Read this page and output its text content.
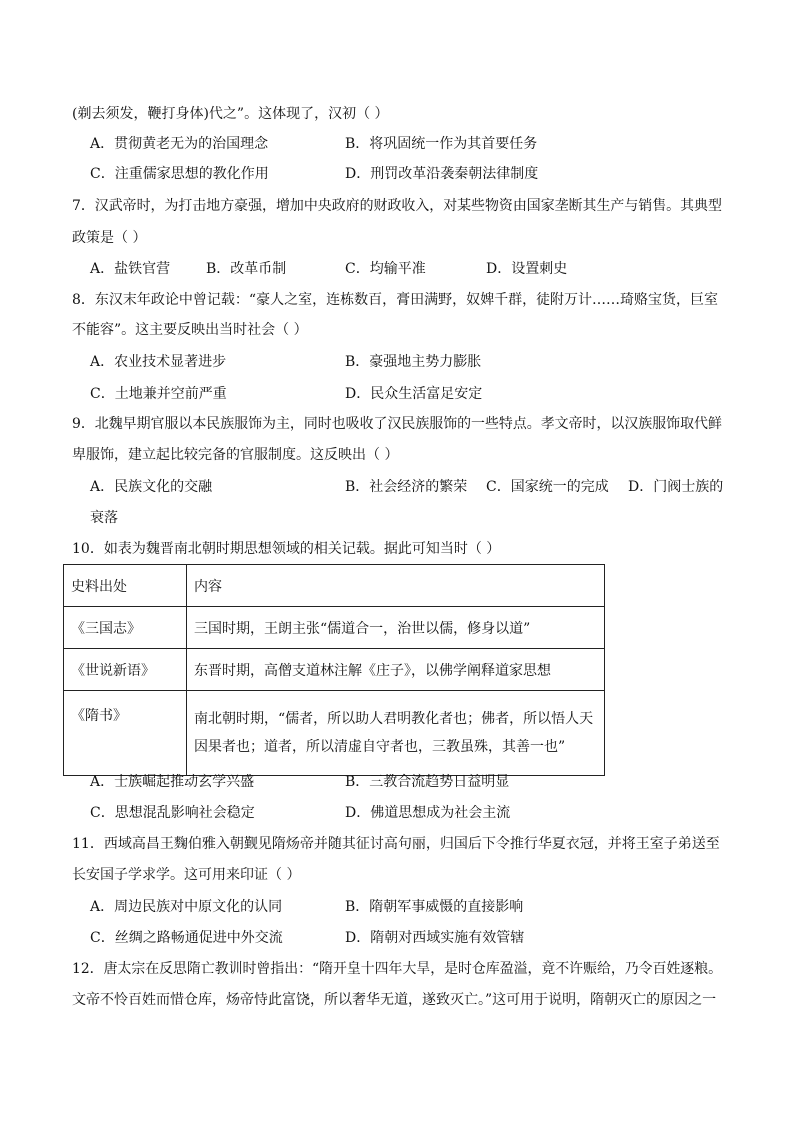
(剃去须发，鞭打身体)代之”。这体现了，汉初（ ）
A．贯彻黄老无为的治国理念	B．将巩固统一作为其首要任务
C．注重儒家思想的教化作用	D．刑罚改革沿袭秦朝法律制度
7．汉武帝时，为打击地方豪强，增加中央政府的财政收入，对某些物资由国家垄断其生产与销售。其典型
政策是（ ）
A．盐铁官营	B．改革币制	C．均输平准	D．设置刺史
8．东汉末年政论中曾记载：“豪人之室，连栋数百，膏田满野，奴婢千群，徒附万计……琦赂宝货，巨室
不能容”。这主要反映出当时社会（ ）
A．农业技术显著进步	B．豪强地主势力膨胀
C．土地兼并空前严重	D．民众生活富足安定
9．北魏早期官服以本民族服饰为主，同时也吸收了汉民族服饰的一些特点。孝文帝时，以汉族服饰取代鲜
卑服饰，建立起比较完备的官服制度。这反映出（ ）
A．民族文化的交融	B．社会经济的繁荣 C．国家统一的完成 D．门阀士族的
衰落
10．如表为魏晋南北朝时期思想领域的相关记载。据此可知当时（ ）
史料出处	内容
《三国志》	三国时期，王朗主张“儒道合一，治世以儒，修身以道”
《世说新语》	东晋时期，高僧支道林注解《庄子》，以佛学阐释道家思想
《隋书》	南北朝时期，“儒者，所以助人君明教化者也；佛者，所以悟人天因果者也；道者，所以清虚自守者也，三教虽殊，其善一也”
A．士族崛起推动玄学兴盛	B．三教合流趋势日益明显
C．思想混乱影响社会稳定	D．佛道思想成为社会主流
11．西域高昌王麴伯雅入朝觐见隋炀帝并随其征讨高句丽，归国后下令推行华夏衣冠，并将王室子弟送至
长安国子学求学。这可用来印证（ ）
A．周边民族对中原文化的认同	B．隋朝军事威慑的直接影响
C．丝绸之路畅通促进中外交流	D．隋朝对西域实施有效管辖
12．唐太宗在反思隋亡教训时曾指出：“隋开皇十四年大旱，是时仓库盈溢，竟不许赈给，乃令百姓逐粮。
文帝不怜百姓而惜仓库，炀帝恃此富饶，所以奢华无道，遂致灭亡。”这可用于说明，隋朝灭亡的原因之一
